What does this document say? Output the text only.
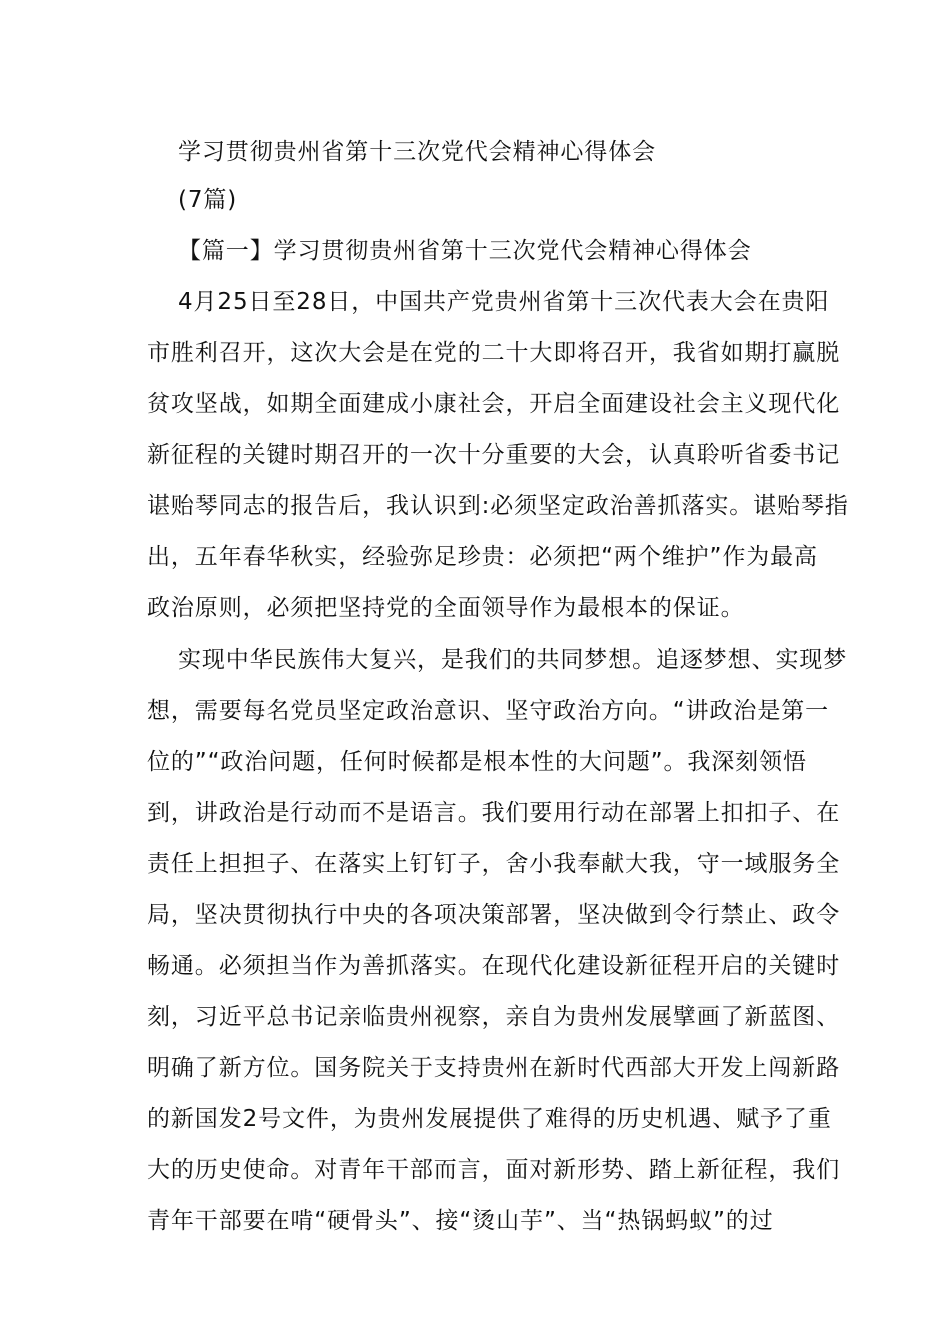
学习贯彻贵州省第十三次党代会精神心得体会
(7篇)
【篇一】学习贯彻贵州省第十三次党代会精神心得体会
4月25日至28日，中国共产党贵州省第十三次代表大会在贵阳
市胜利召开，这次大会是在党的二十大即将召开，我省如期打赢脱
贫攻坚战，如期全面建成小康社会，开启全面建设社会主义现代化
新征程的关键时期召开的一次十分重要的大会，认真聆听省委书记
谌贻琴同志的报告后，我认识到:必须坚定政治善抓落实。谌贻琴指
出，五年春华秋实，经验弥足珍贵：必须把“两个维护”作为最高
政治原则，必须把坚持党的全面领导作为最根本的保证。
实现中华民族伟大复兴，是我们的共同梦想。追逐梦想、实现梦
想，需要每名党员坚定政治意识、坚守政治方向。“讲政治是第一
位的”“政治问题，任何时候都是根本性的大问题”。我深刻领悟
到，讲政治是行动而不是语言。我们要用行动在部署上扣扣子、在
责任上担担子、在落实上钉钉子，舍小我奉献大我，守一域服务全
局，坚决贯彻执行中央的各项决策部署，坚决做到令行禁止、政令
畅通。必须担当作为善抓落实。在现代化建设新征程开启的关键时
刻，习近平总书记亲临贵州视察，亲自为贵州发展擘画了新蓝图、
明确了新方位。国务院关于支持贵州在新时代西部大开发上闯新路
的新国发2号文件，为贵州发展提供了难得的历史机遇、赋予了重
大的历史使命。对青年干部而言，面对新形势、踏上新征程，我们
青年干部要在啃“硬骨头”、接“烫山芋”、当“热锅蚂蚁”的过
